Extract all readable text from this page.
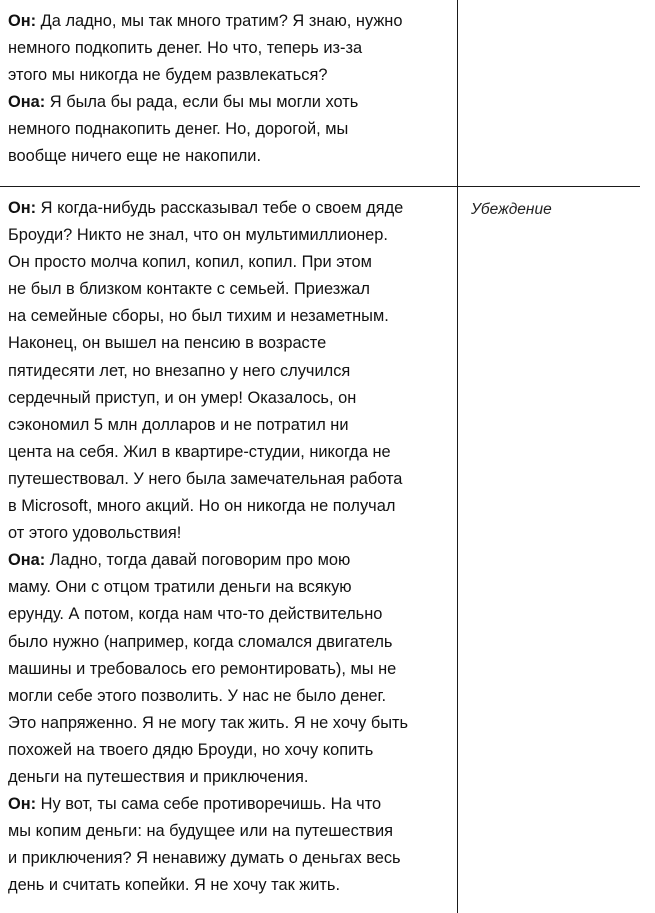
Он: Да ладно, мы так много тратим? Я знаю, нужно
немного подкопить денег. Но что, теперь из-за
этого мы никогда не будем развлекаться?
Она: Я была бы рада, если бы мы могли хоть
немного поднакопить денег. Но, дорогой, мы
вообще ничего еще не накопили.
Он: Я когда-нибудь рассказывал тебе о своем дяде
Броуди? Никто не знал, что он мультимиллионер.
Он просто молча копил, копил, копил. При этом
не был в близком контакте с семьей. Приезжал
на семейные сборы, но был тихим и незаметным.
Наконец, он вышел на пенсию в возрасте
пятидесяти лет, но внезапно у него случился
сердечный приступ, и он умер! Оказалось, он
сэкономил 5 млн долларов и не потратил ни
цента на себя. Жил в квартире-студии, никогда не
путешествовал. У него была замечательная работа
в Microsoft, много акций. Но он никогда не получал
от этого удовольствия!
Она: Ладно, тогда давай поговорим про мою
маму. Они с отцом тратили деньги на всякую
ерунду. А потом, когда нам что-то действительно
было нужно (например, когда сломался двигатель
машины и требовалось его ремонтировать), мы не
могли себе этого позволить. У нас не было денег.
Это напряженно. Я не могу так жить. Я не хочу быть
похожей на твоего дядю Броуди, но хочу копить
деньги на путешествия и приключения.
Он: Ну вот, ты сама себе противоречишь. На что
мы копим деньги: на будущее или на путешествия
и приключения? Я ненавижу думать о деньгах весь
день и считать копейки. Я не хочу так жить.
Убеждение
